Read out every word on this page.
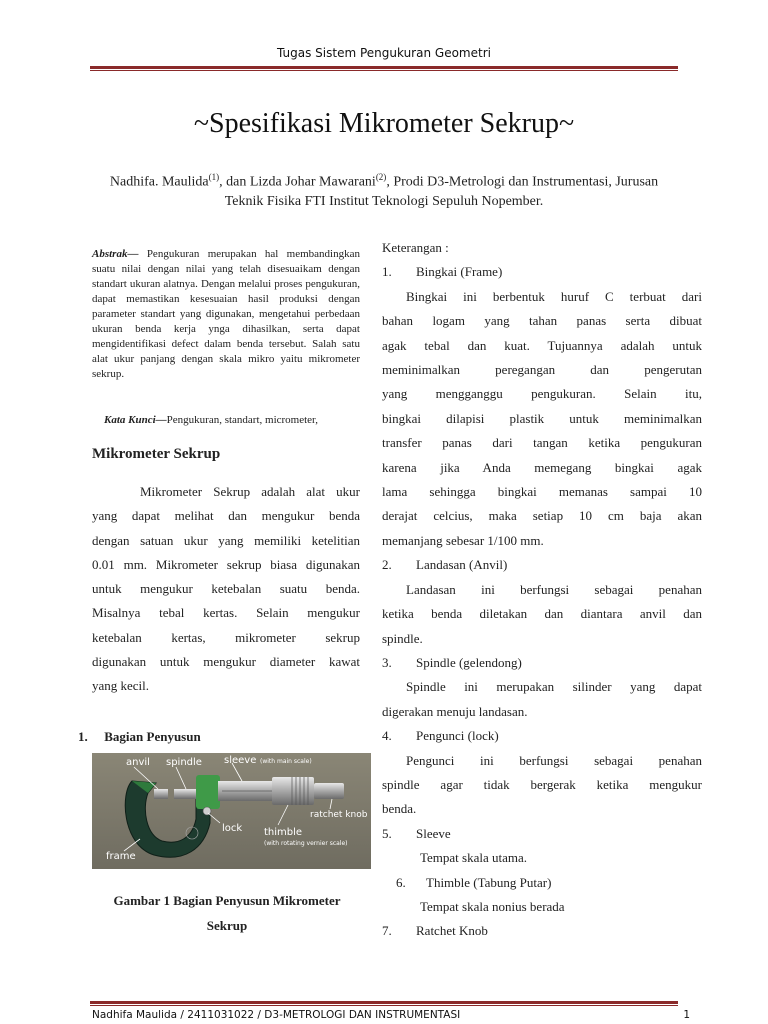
Tugas Sistem Pengukuran Geometri
~Spesifikasi Mikrometer Sekrup~
Nadhifa. Maulida$^{(1)}$, dan Lizda Johar Mawarani$^{(2)}$, Prodi D3-Metrologi dan Instrumentasi, Jurusan
Teknik Fisika FTI Institut Teknologi Sepuluh Nopember.
Abstrak— Pengukuran merupakan hal membandingkan suatu nilai dengan nilai yang telah disesuaikam dengan standart ukuran alatnya. Dengan melalui proses pengukuran, dapat memastikan kesesuaian hasil produksi dengan parameter standart yang digunakan, mengetahui perbedaan ukuran benda kerja ynga dihasilkan, serta dapat mengidentifikasi defect dalam benda tersebut. Salah satu alat ukur panjang dengan skala mikro yaitu mikrometer sekrup.
Kata Kunci—Pengukuran, standart, micrometer,
Mikrometer Sekrup
Mikrometer Sekrup adalah alat ukur
yang dapat melihat dan mengukur benda
dengan satuan ukur yang memiliki ketelitian
0.01 mm. Mikrometer sekrup biasa digunakan
untuk mengukur ketebalan suatu benda.
Misalnya tebal kertas. Selain mengukur
ketebalan kertas, mikrometer sekrup
digunakan untuk mengukur diameter kawat
yang kecil.
1. Bagian Penyusun
anvil spindle sleeve (with main scale)
ratchet knob
lock thimble
(with rotating vernier scale)
frame
Gambar 1 Bagian Penyusun Mikrometer
Sekrup
Keterangan :
1. Bingkai (Frame)
Bingkai ini berbentuk huruf C terbuat dari
bahan logam yang tahan panas serta dibuat
agak tebal dan kuat. Tujuannya adalah untuk
meminimalkan peregangan dan pengerutan
yang mengganggu pengukuran. Selain itu,
bingkai dilapisi plastik untuk meminimalkan
transfer panas dari tangan ketika pengukuran
karena jika Anda memegang bingkai agak
lama sehingga bingkai memanas sampai 10
derajat celcius, maka setiap 10 cm baja akan
memanjang sebesar 1/100 mm.
2. Landasan (Anvil)
Landasan ini berfungsi sebagai penahan
ketika benda diletakan dan diantara anvil dan
spindle.
3. Spindle (gelendong)
Spindle ini merupakan silinder yang dapat
digerakan menuju landasan.
4. Pengunci (lock)
Pengunci ini berfungsi sebagai penahan
spindle agar tidak bergerak ketika mengukur
benda.
5. Sleeve
Tempat skala utama.
6. Thimble (Tabung Putar)
Tempat skala nonius berada
7. Ratchet Knob
Nadhifa Maulida / 2411031022 / D3-METROLOGI DAN INSTRUMENTASI	1
